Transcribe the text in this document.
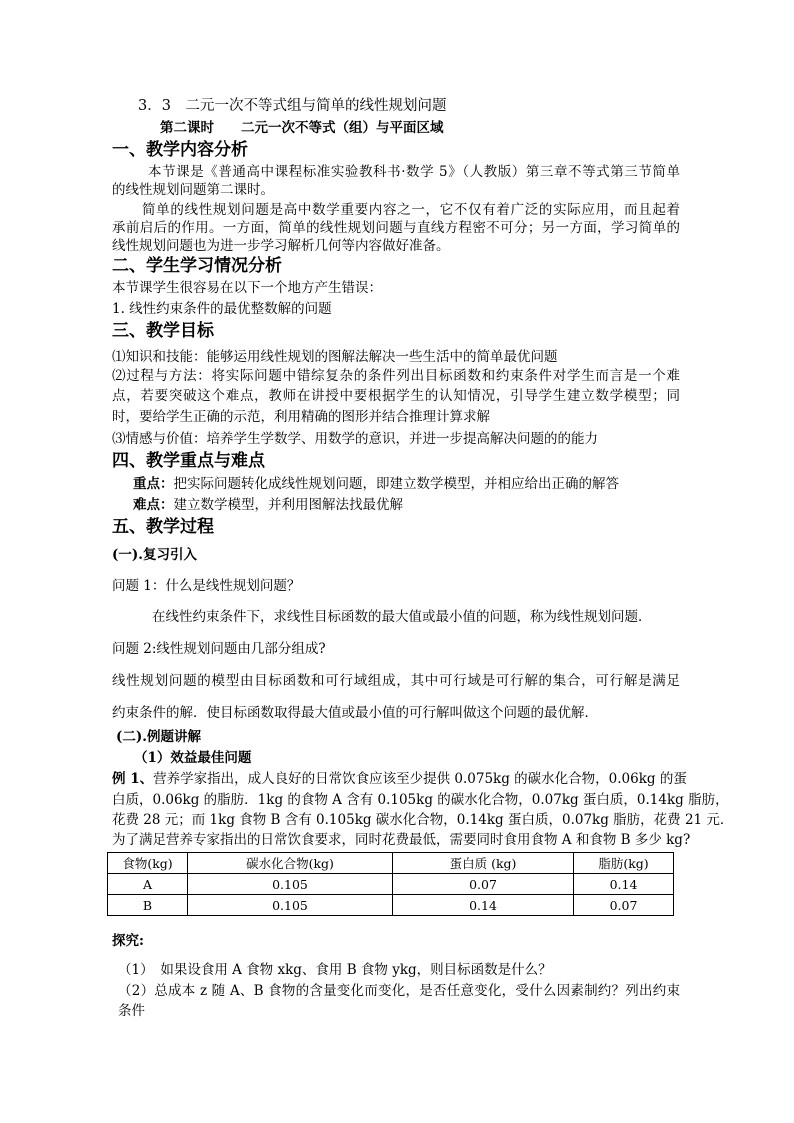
3．3　二元一次不等式组与简单的线性规划问题
第二课时　　二元一次不等式（组）与平面区域
一、教学内容分析
本节课是《普通高中课程标准实验教科书·数学 5》（人教版）第三章不等式第三节简单
的线性规划问题第二课时。
简单的线性规划问题是高中数学重要内容之一，它不仅有着广泛的实际应用，而且起着
承前启后的作用。一方面，简单的线性规划问题与直线方程密不可分；另一方面，学习简单的
线性规划问题也为进一步学习解析几何等内容做好准备。
二、学生学习情况分析
本节课学生很容易在以下一个地方产生错误：
1. 线性约束条件的最优整数解的问题
三、教学目标
⑴知识和技能：能够运用线性规划的图解法解决一些生活中的简单最优问题
⑵过程与方法：将实际问题中错综复杂的条件列出目标函数和约束条件对学生而言是一个难
点，若要突破这个难点，教师在讲授中要根据学生的认知情况，引导学生建立数学模型；同
时，要给学生正确的示范，利用精确的图形并结合推理计算求解
⑶情感与价值：培养学生学数学、用数学的意识，并进一步提高解决问题的的能力
四、教学重点与难点
重点：把实际问题转化成线性规划问题，即建立数学模型，并相应给出正确的解答
难点：建立数学模型，并利用图解法找最优解
五、教学过程
(一).复习引入
问题 1：什么是线性规划问题？
在线性约束条件下，求线性目标函数的最大值或最小值的问题，称为线性规划问题．
问题 2:线性规划问题由几部分组成?
线性规划问题的模型由目标函数和可行域组成，其中可行域是可行解的集合，可行解是满足
约束条件的解．使目标函数取得最大值或最小值的可行解叫做这个问题的最优解．
(二).例题讲解
（1）效益最佳问题
例 1、营养学家指出，成人良好的日常饮食应该至少提供 0.075kg 的碳水化合物，0.06kg 的蛋
白质，0.06kg 的脂肪．1kg 的食物 A 含有 0.105kg 的碳水化合物，0.07kg 蛋白质，0.14kg 脂肪，
花费 28 元；而 1kg 食物 B 含有 0.105kg 碳水化合物，0.14kg 蛋白质，0.07kg 脂肪，花费 21 元．
为了满足营养专家指出的日常饮食要求，同时花费最低，需要同时食用食物 A 和食物 B 多少 kg?
食物(kg)	碳水化合物(kg)	蛋白质 (kg)	脂肪(kg)
A	0.105	0.07	0.14
B	0.105	0.14	0.07
探究:
（1）　如果设食用 A 食物 xkg、食用 B 食物 ykg，则目标函数是什么？
（2）总成本 z 随 A、B 食物的含量变化而变化，是否任意变化，受什么因素制约？列出约束
条件
